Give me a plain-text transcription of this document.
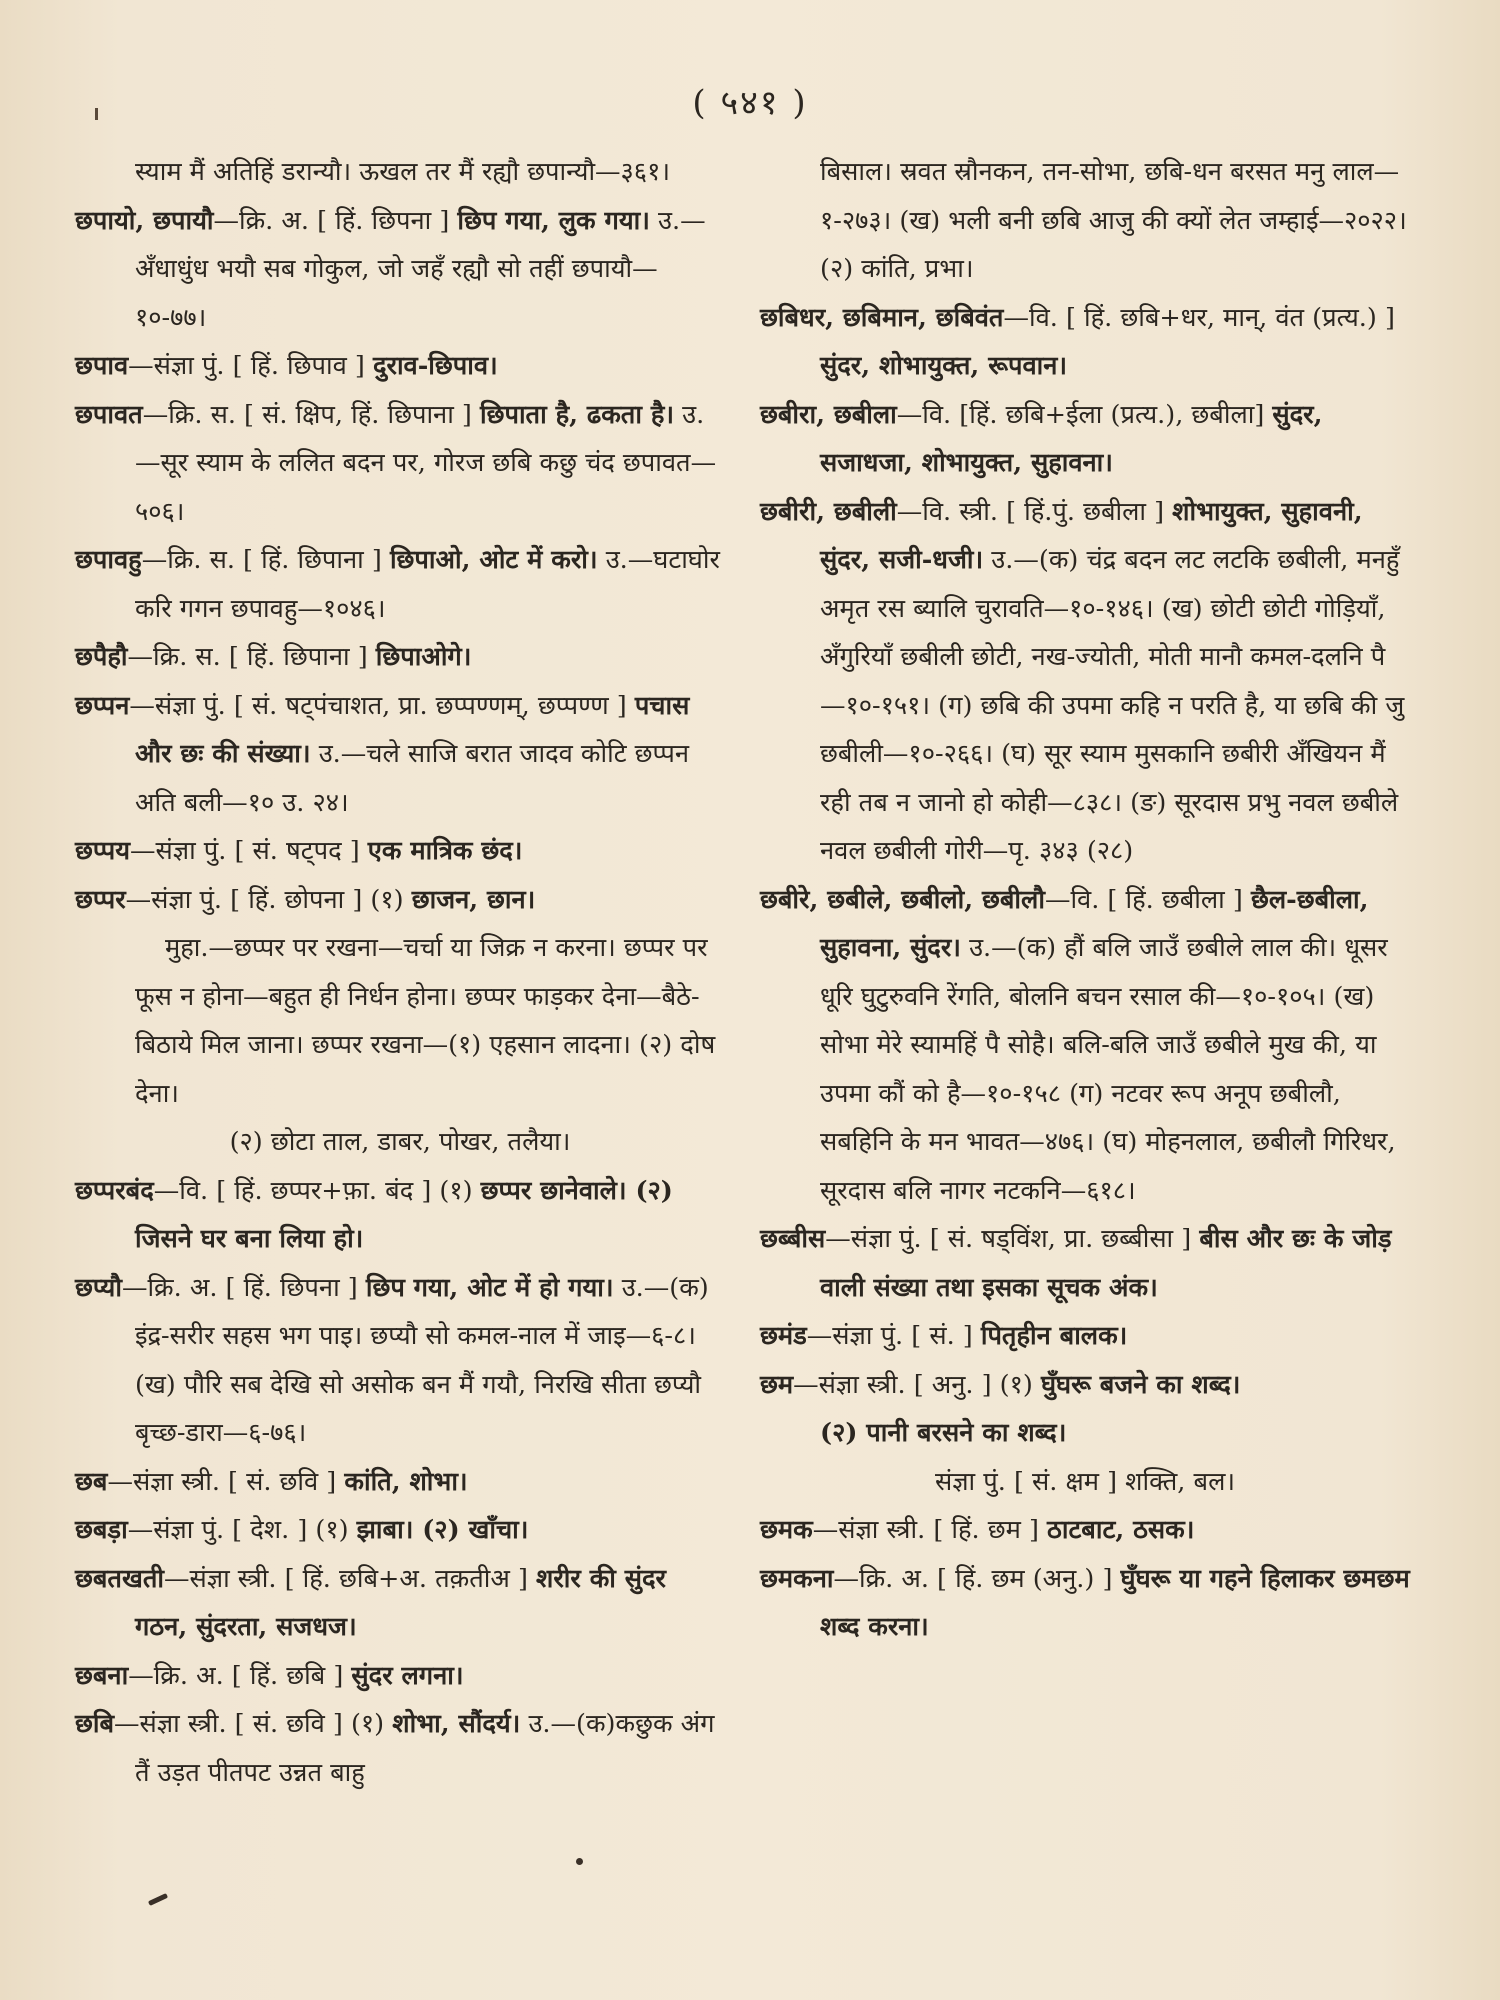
( ५४१ )

स्याम मैं अतिहिं डरान्यौ। ऊखल तर मैं रह्यौ छपान्यौ—३६१।

छपायो, छपायौ—क्रि. अ. [ हिं. छिपना ] छिप गया, लुक गया। उ.—अँधाधुंध भयौ सब गोकुल, जो जहँ रह्यौ सो तहीं छपायौ—१०-७७।

छपाव—संज्ञा पुं. [ हिं. छिपाव ] दुराव-छिपाव।

छपावत—क्रि. स. [ सं. क्षिप, हिं. छिपाना ] छिपाता है, ढकता है। उ.—सूर स्याम के ललित बदन पर, गोरज छबि कछु चंद छपावत—५०६।

छपावहु—क्रि. स. [ हिं. छिपाना ] छिपाओ, ओट में करो। उ.—घटाघोर करि गगन छपावहु—१०४६।

छपैहौ—क्रि. स. [ हिं. छिपाना ] छिपाओगे।

छप्पन—संज्ञा पुं. [ सं. षट्पंचाशत, प्रा. छप्पण्णम्, छप्पण्ण ] पचास और छः की संख्या। उ.—चले साजि बरात जादव कोटि छप्पन अति बली—१० उ. २४।

छप्पय—संज्ञा पुं. [ सं. षट्पद ] एक मात्रिक छंद।

छप्पर—संज्ञा पुं. [ हिं. छोपना ] (१) छाजन, छान।

मुहा.—छप्पर पर रखना—चर्चा या जिक्र न करना। छप्पर पर फूस न होना—बहुत ही निर्धन होना। छप्पर फाड़कर देना—बैठे-बिठाये मिल जाना। छप्पर रखना—(१) एहसान लादना। (२) दोष देना।

(२) छोटा ताल, डाबर, पोखर, तलैया।

छप्परबंद—वि. [ हिं. छप्पर+फ़ा. बंद ] (१) छप्पर छानेवाले। (२) जिसने घर बना लिया हो।

छप्यौ—क्रि. अ. [ हिं. छिपना ] छिप गया, ओट में हो गया। उ.—(क) इंद्र-सरीर सहस भग पाइ। छप्यौ सो कमल-नाल में जाइ—६-८। (ख) पौरि सब देखि सो असोक बन मैं गयौ, निरखि सीता छप्यौ बृच्छ-डारा—६-७६।

छब—संज्ञा स्त्री. [ सं. छवि ] कांति, शोभा।

छबड़ा—संज्ञा पुं. [ देश. ] (१) झाबा। (२) खाँचा।

छबतखती—संज्ञा स्त्री. [ हिं. छबि+अ. तक़तीअ ] शरीर की सुंदर गठन, सुंदरता, सजधज।

छबना—क्रि. अ. [ हिं. छबि ] सुंदर लगना।

छबि—संज्ञा स्त्री. [ सं. छवि ] (१) शोभा, सौंदर्य। उ.—(क)कछुक अंग तैं उड़त पीतपट उन्नत बाहु

बिसाल। स्रवत स्रौनकन, तन-सोभा, छबि-धन बरसत मनु लाल—१-२७३। (ख) भली बनी छबि आजु की क्यों लेत जम्हाई—२०२२। (२) कांति, प्रभा।

छबिधर, छबिमान, छबिवंत—वि. [ हिं. छबि+धर, मान्, वंत (प्रत्य.) ] सुंदर, शोभायुक्त, रूपवान।

छबीरा, छबीला—वि. [हिं. छबि+ईला (प्रत्य.), छबीला] सुंदर, सजाधजा, शोभायुक्त, सुहावना।

छबीरी, छबीली—वि. स्त्री. [ हिं.पुं. छबीला ] शोभायुक्त, सुहावनी, सुंदर, सजी-धजी। उ.—(क) चंद्र बदन लट लटकि छबीली, मनहुँ अमृत रस ब्यालि चुरावति—१०-१४६। (ख) छोटी छोटी गोड़ियाँ, अँगुरियाँ छबीली छोटी, नख-ज्योती, मोती मानौ कमल-दलनि पै—१०-१५१। (ग) छबि की उपमा कहि न परति है, या छबि की जु छबीली—१०-२६६। (घ) सूर स्याम मुसकानि छबीरी अँखियन मैं रही तब न जानो हो कोही—८३८। (ङ) सूरदास प्रभु नवल छबीले नवल छबीली गोरी—पृ. ३४३ (२८)

छबीरे, छबीले, छबीलो, छबीलौ—वि. [ हिं. छबीला ] छैल-छबीला, सुहावना, सुंदर। उ.—(क) हौं बलि जाउँ छबीले लाल की। धूसर धूरि घुटुरुवनि रेंगति, बोलनि बचन रसाल की—१०-१०५। (ख) सोभा मेरे स्यामहिं पै सोहै। बलि-बलि जाउँ छबीले मुख की, या उपमा कौं को है—१०-१५८ (ग) नटवर रूप अनूप छबीलौ, सबहिनि के मन भावत—४७६। (घ) मोहनलाल, छबीलौ गिरिधर, सूरदास बलि नागर नटकनि—६१८।

छब्बीस—संज्ञा पुं. [ सं. षड्विंश, प्रा. छब्बीसा ] बीस और छः के जोड़ वाली संख्या तथा इसका सूचक अंक।

छमंड—संज्ञा पुं. [ सं. ] पितृहीन बालक।

छम—संज्ञा स्त्री. [ अनु. ] (१) घुँघरू बजने का शब्द।

(२) पानी बरसने का शब्द।

संज्ञा पुं. [ सं. क्षम ] शक्ति, बल।

छमक—संज्ञा स्त्री. [ हिं. छम ] ठाटबाट, ठसक।

छमकना—क्रि. अ. [ हिं. छम (अनु.) ] घुँघरू या गहने हिलाकर छमछम शब्द करना।
